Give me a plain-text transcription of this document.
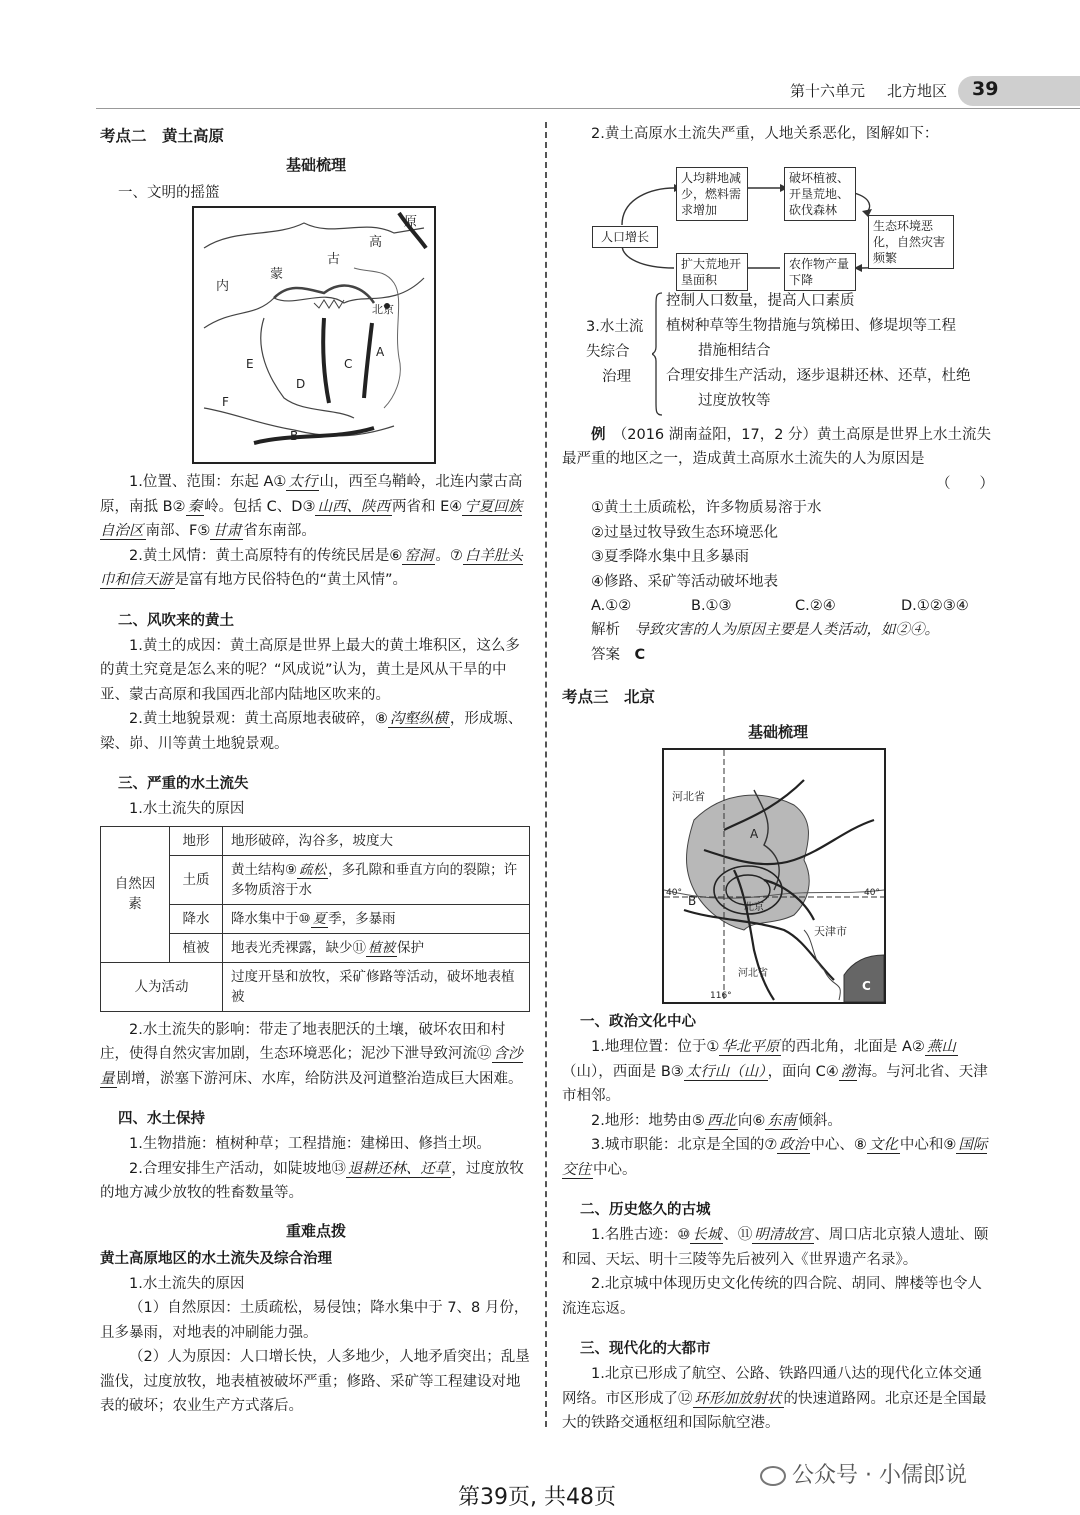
第十六单元 北方地区 39
考点二　黄土高原
基础梳理
一、文明的摇篮
原
高
古
蒙
内
北京
A
B
C
D
E
F

1.位置、范围：东起 A① 太行 山，西至乌鞘岭，北连内蒙古高原，南抵 B② 秦 岭。包括 C、D③ 山西、陕西 两省和 E④ 宁夏回族自治区 南部、F⑤ 甘肃 省东南部。

2.黄土风情：黄土高原特有的传统民居是⑥ 窑洞 。⑦ 白羊肚头巾和信天游 是富有地方民俗特色的“黄土风情”。

二、风吹来的黄土

1.黄土的成因：黄土高原是世界上最大的黄土堆积区，这么多的黄土究竟是怎么来的呢？“风成说”认为，黄土是风从干旱的中亚、蒙古高原和我国西北部内陆地区吹来的。

2.黄土地貌景观：黄土高原地表破碎，⑧ 沟壑纵横 ，形成塬、梁、峁、川等黄土地貌景观。

三、严重的水土流失

1.水土流失的原因

自然因素	地形	地形破碎，沟谷多，坡度大
	土质	黄土结构⑨ 疏松 ，多孔隙和垂直方向的裂隙；许多物质溶于水
	降水	降水集中于⑩ 夏 季，多暴雨
	植被	地表光秃裸露，缺少⑪ 植被 保护
人为活动		过度开垦和放牧，采矿修路等活动，破坏地表植被

2.水土流失的影响：带走了地表肥沃的土壤，破坏农田和村庄，使得自然灾害加剧，生态环境恶化；泥沙下泄导致河流⑫ 含沙量 剧增，淤塞下游河床、水库，给防洪及河道整治造成巨大困难。

四、水土保持

1.生物措施：植树种草；工程措施：建梯田、修挡土坝。

2.合理安排生产活动，如陡坡地⑬ 退耕还林、还草 ，过度放牧的地方减少放牧的牲畜数量等。

重难点拨
黄土高原地区的水土流失及综合治理

1.水土流失的原因

（1）自然原因：土质疏松，易侵蚀；降水集中于 7、8 月份，且多暴雨，对地表的冲刷能力强。

（2）人为原因：人口增长快，人多地少，人地矛盾突出；乱垦滥伐，过度放牧，地表植被破坏严重；修路、采矿等工程建设对地表的破坏；农业生产方式落后。

2.黄土高原水土流失严重，人地关系恶化，图解如下：

人口增长
人均耕地减少，燃料需求增加
破坏植被、开垦荒地、砍伐森林
生态环境恶化，自然灾害频繁
农作物产量下降
扩大荒地开垦面积
3.水土流
失综合
治理
控制人口数量，提高人口素质
植树种草等生物措施与筑梯田、修堤坝等工程
措施相结合
合理安排生产活动，逐步退耕还林、还草，杜绝
过度放牧等

例　 （2016 湖南益阳，17，2 分）黄土高原是世界上水土流失最严重的地区之一，造成黄土高原水土流失的人为原因是

（　　）

①黄土土质疏松，许多物质易溶于水

②过垦过牧导致生态环境恶化

③夏季降水集中且多暴雨

④修路、采矿等活动破坏地表

A.①②	B.①③	C.②④	D.①②③④

解析　 导致灾害的人为原因主要是人类活动，如②④。

答案　 C

考点三　北京
基础梳理
河北省
A
B	北京
天津市
河北省
C
40°	40°
116°
一、政治文化中心

1.地理位置：位于① 华北平原 的西北角，北面是 A② 燕山（山），西面是 B③ 太行山（山） ，面向 C④ 渤 海。与河北省、天津市相邻。

2.地形：地势由⑤ 西北 向⑥ 东南 倾斜。

3.城市职能：北京是全国的⑦ 政治 中心、⑧ 文化 中心和⑨ 国际交往 中心。

二、历史悠久的古城

1.名胜古迹：⑩ 长城 、⑪ 明清故宫 、周口店北京猿人遗址、颐和园、天坛、明十三陵等先后被列入《世界遗产名录》。

2.北京城中体现历史文化传统的四合院、胡同、牌楼等也令人流连忘返。

三、现代化的大都市

1.北京已形成了航空、公路、铁路四通八达的现代化立体交通网络。市区形成了⑫ 环形加放射状 的快速道路网。北京还是全国最大的铁路交通枢纽和国际航空港。

公众号 · 小儒郎说
第39页, 共48页
